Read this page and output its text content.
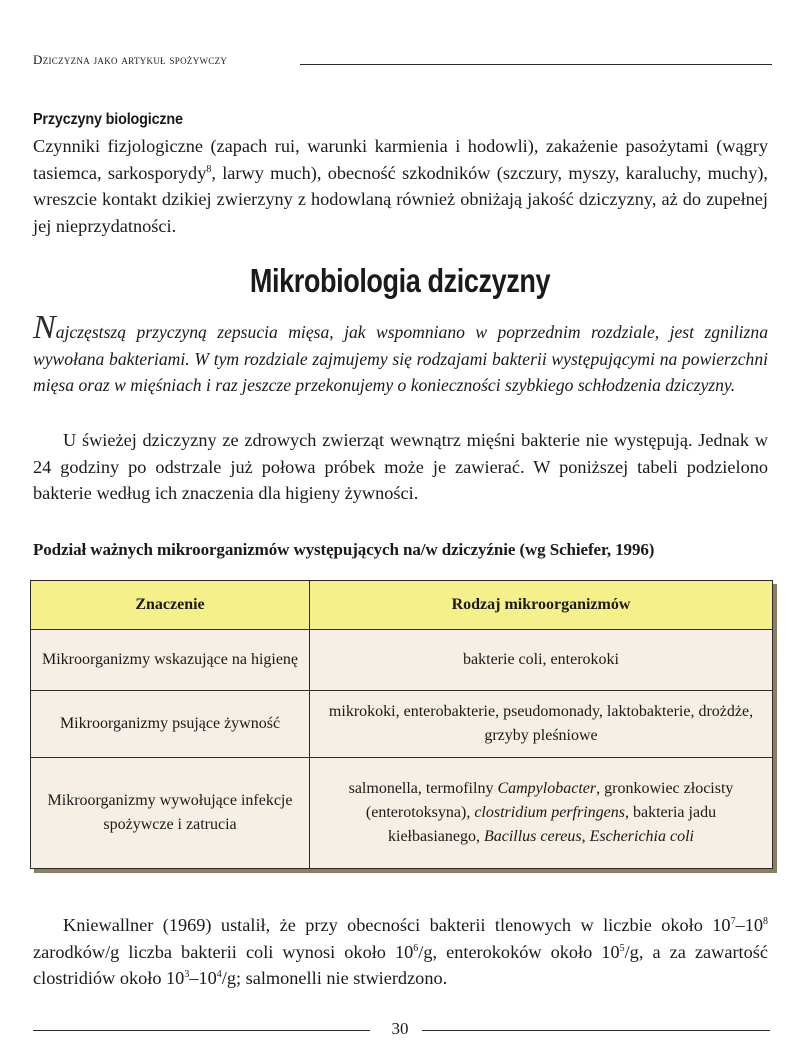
Dziczyzna jako artykuł spożywczy
Przyczyny biologiczne

Czynniki fizjologiczne (zapach rui, warunki karmienia i hodowli), zakażenie pasożytami (wągry tasiemca, sarkosporydy$^8$, larwy much), obecność szkodników (szczury, myszy, karaluchy, muchy), wreszcie kontakt dzikiej zwierzyny z hodowlaną również obniżają jakość dziczyzny, aż do zupełnej jej nieprzydatności.

Mikrobiologia dziczyzny

Najczęstszą przyczyną zepsucia mięsa, jak wspomniano w poprzednim rozdziale, jest zgnilizna wywołana bakteriami. W tym rozdziale zajmujemy się rodzajami bakterii występującymi na powierzchni mięsa oraz w mięśniach i raz jeszcze przekonujemy o konieczności szybkiego schłodzenia dziczyzny.

U świeżej dziczyzny ze zdrowych zwierząt wewnątrz mięśni bakterie nie występują. Jednak w 24 godziny po odstrzale już połowa próbek może je zawierać. W poniższej tabeli podzielono bakterie według ich znaczenia dla higieny żywności.

Podział ważnych mikroorganizmów występujących na/w dziczyźnie (wg Schiefer, 1996)
Znaczenie	Rodzaj mikroorganizmów
Mikroorganizmy wskazujące na higienę	bakterie coli, enterokoki
Mikroorganizmy psujące żywność	mikrokoki, enterobakterie, pseudomonady, laktobakterie, drożdże, grzyby pleśniowe
Mikroorganizmy wywołujące infekcje spożywcze i zatrucia	salmonella, termofilny Campylobacter, gronkowiec złocisty (enterotoksyna), clostridium perfringens, bakteria jadu kiełbasianego, Bacillus cereus, Escherichia coli

Kniewallner (1969) ustalił, że przy obecności bakterii tlenowych w liczbie około $10^7-10^8$ zarodków/g liczba bakterii coli wynosi około $10^6/g$, enterokoków około $10^5/g$, a za zawartość clostridiów około $10^3-10^4/g$; salmonelli nie stwierdzono.

30
